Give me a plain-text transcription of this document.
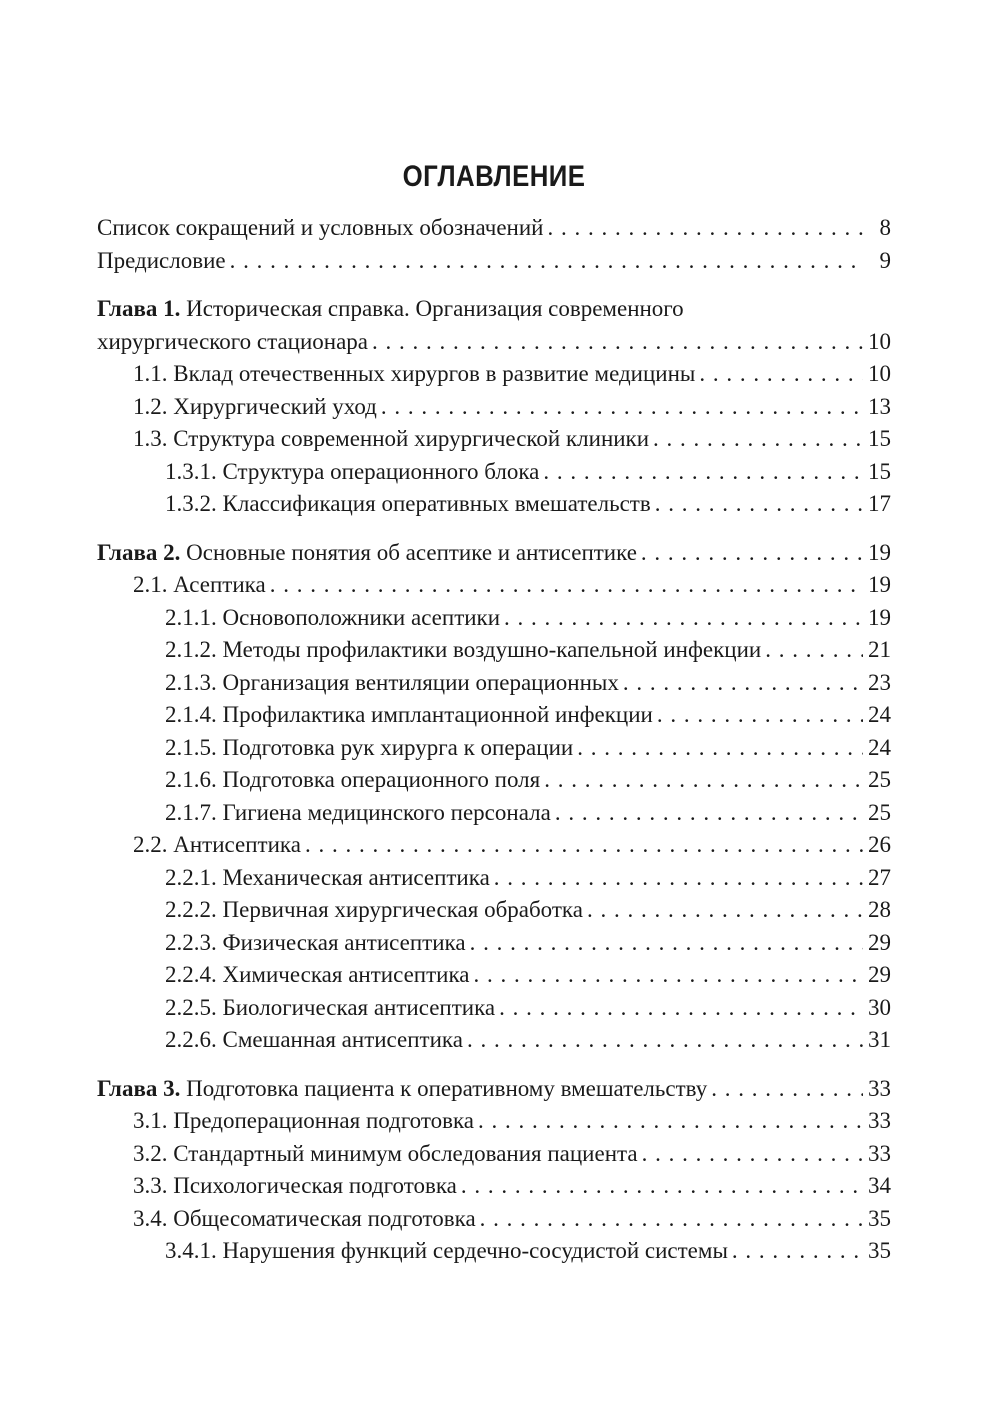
ОГЛАВЛЕНИЕ
Список сокращений и условных обозначений . . .	8
Предисловие . . .	9
Глава 1. Историческая справка. Организация современного
хирургического стационара . . .	10
1.1. Вклад отечественных хирургов в развитие медицины . . .	10
1.2. Хирургический уход . . .	13
1.3. Структура современной хирургической клиники . . .	15
1.3.1. Структура операционного блока . . .	15
1.3.2. Классификация оперативных вмешательств . . .	17
Глава 2. Основные понятия об асептике и антисептике . . .	19
2.1. Асептика . . .	19
2.1.1. Основоположники асептики . . .	19
2.1.2. Методы профилактики воздушно-капельной инфекции . . .	21
2.1.3. Организация вентиляции операционных . . .	23
2.1.4. Профилактика имплантационной инфекции . . .	24
2.1.5. Подготовка рук хирурга к операции . . .	24
2.1.6. Подготовка операционного поля . . .	25
2.1.7. Гигиена медицинского персонала . . .	25
2.2. Антисептика . . .	26
2.2.1. Механическая антисептика . . .	27
2.2.2. Первичная хирургическая обработка . . .	28
2.2.3. Физическая антисептика . . .	29
2.2.4. Химическая антисептика . . .	29
2.2.5. Биологическая антисептика . . .	30
2.2.6. Смешанная антисептика . . .	31
Глава 3. Подготовка пациента к оперативному вмешательству . . .	33
3.1. Предоперационная подготовка . . .	33
3.2. Стандартный минимум обследования пациента . . .	33
3.3. Психологическая подготовка . . .	34
3.4. Общесоматическая подготовка . . .	35
3.4.1. Нарушения функций сердечно-сосудистой системы . . .	35
